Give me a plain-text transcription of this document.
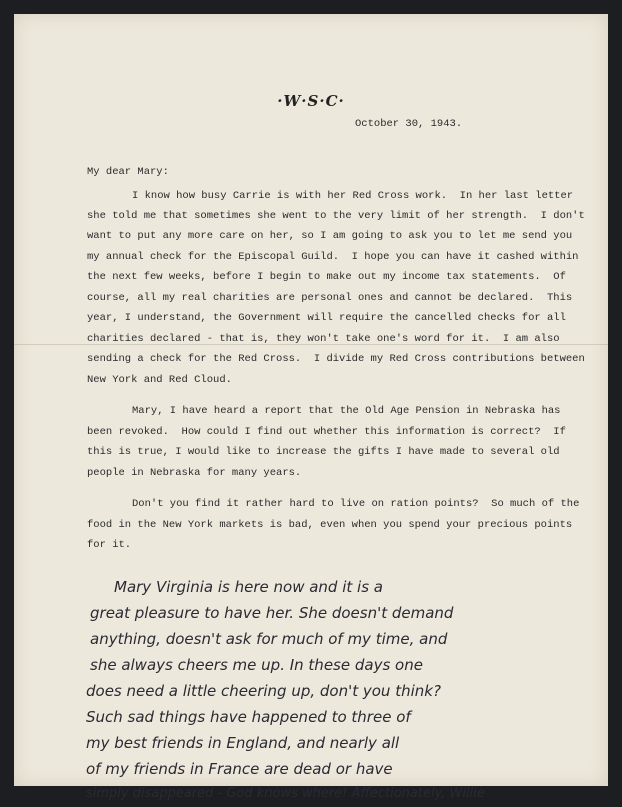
·W·S·C·
October 30, 1943.
My dear Mary:
I know how busy Carrie is with her Red Cross work.  In her last letter
she told me that sometimes she went to the very limit of her strength.  I don't
want to put any more care on her, so I am going to ask you to let me send you
my annual check for the Episcopal Guild.  I hope you can have it cashed within
the next few weeks, before I begin to make out my income tax statements.  Of
course, all my real charities are personal ones and cannot be declared.  This
year, I understand, the Government will require the cancelled checks for all
charities declared - that is, they won't take one's word for it.  I am also
sending a check for the Red Cross.  I divide my Red Cross contributions between
New York and Red Cloud.
Mary, I have heard a report that the Old Age Pension in Nebraska has
been revoked.  How could I find out whether this information is correct?  If
this is true, I would like to increase the gifts I have made to several old
people in Nebraska for many years.
Don't you find it rather hard to live on ration points?  So much of the
food in the New York markets is bad, even when you spend your precious points
for it.
Mary Virginia is here now and it is a
great pleasure to have her. She doesn't demand
anything, doesn't ask for much of my time, and
she always cheers me up. In these days one
does need a little cheering up, don't you think?
Such sad things have happened to three of
my best friends in England, and nearly all
of my friends in France are dead or have
simply disappeared - God knows where! Affectionately, Willie
